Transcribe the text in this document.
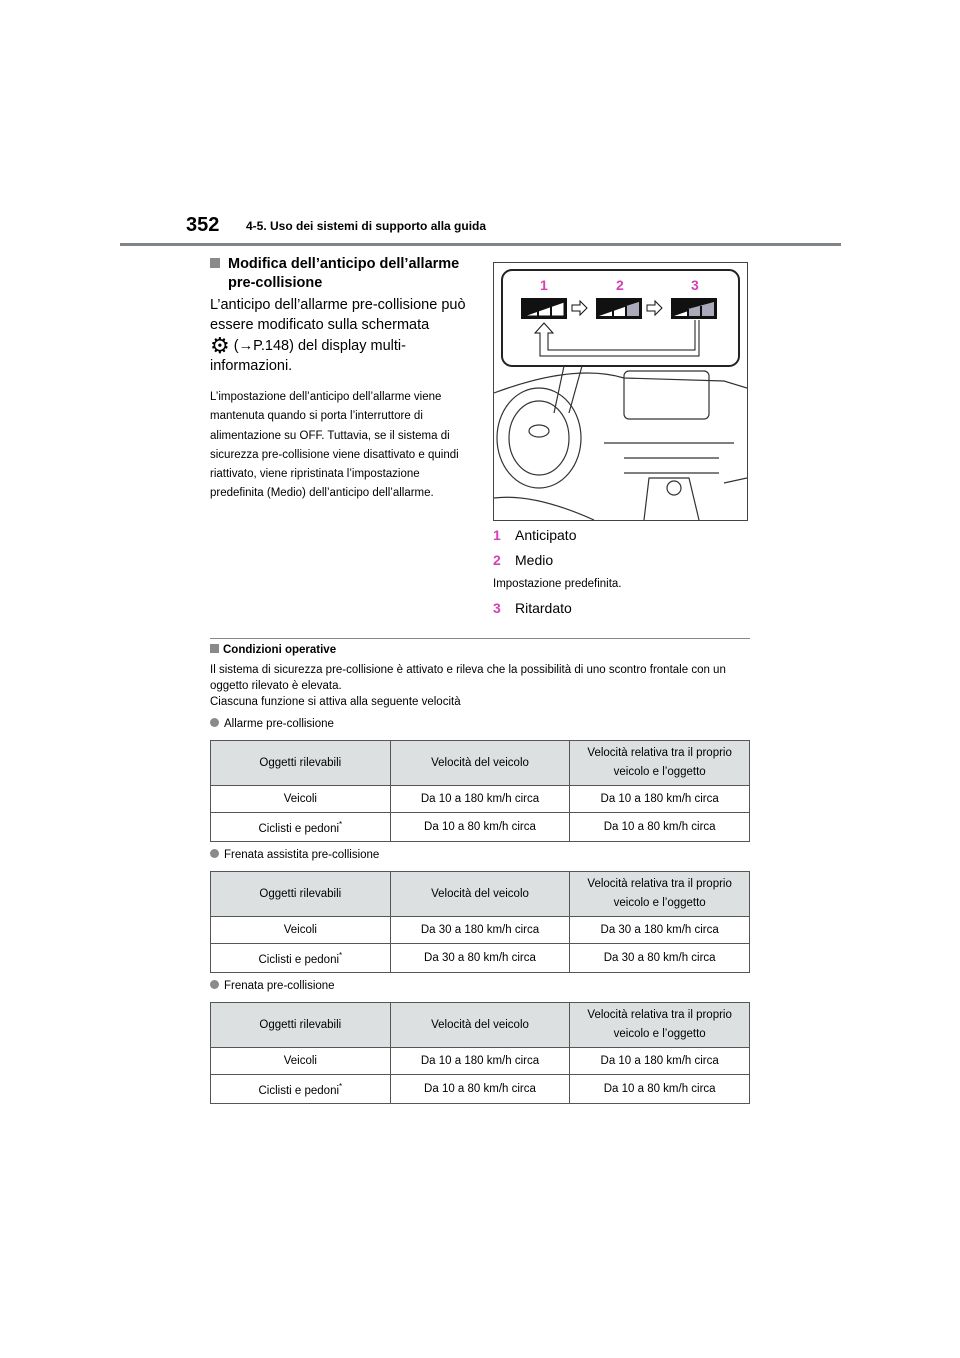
352 4-5. Uso dei sistemi di supporto alla guida
Modifica dell’anticipo dell’allarme pre-collisione
L’anticipo dell’allarme pre-collisione può essere modificato sulla schermata
⚙ (→P.148) del display multi-informazioni.
L’impostazione dell’anticipo dell’allarme viene mantenuta quando si porta l’interruttore di alimentazione su OFF. Tuttavia, se il sistema di sicurezza pre-collisione viene disattivato e quindi riattivato, viene ripristinata l’impostazione predefinita (Medio) dell’anticipo dell’allarme.
1	2	3
1 Anticipato
2 Medio
Impostazione predefinita.
3 Ritardato
Condizioni operative
Il sistema di sicurezza pre-collisione è attivato e rileva che la possibilità di uno scontro frontale con un oggetto rilevato è elevata.
Ciascuna funzione si attiva alla seguente velocità
Allarme pre-collisione
Oggetti rilevabili	Velocità del veicolo	Velocità relativa tra il proprio veicolo e l’oggetto
Veicoli	Da 10 a 180 km/h circa	Da 10 a 180 km/h circa
Ciclisti e pedoni*	Da 10 a 80 km/h circa	Da 10 a 80 km/h circa
Frenata assistita pre-collisione
Oggetti rilevabili	Velocità del veicolo	Velocità relativa tra il proprio veicolo e l’oggetto
Veicoli	Da 30 a 180 km/h circa	Da 30 a 180 km/h circa
Ciclisti e pedoni*	Da 30 a 80 km/h circa	Da 30 a 80 km/h circa
Frenata pre-collisione
Oggetti rilevabili	Velocità del veicolo	Velocità relativa tra il proprio veicolo e l’oggetto
Veicoli	Da 10 a 180 km/h circa	Da 10 a 180 km/h circa
Ciclisti e pedoni*	Da 10 a 80 km/h circa	Da 10 a 80 km/h circa
